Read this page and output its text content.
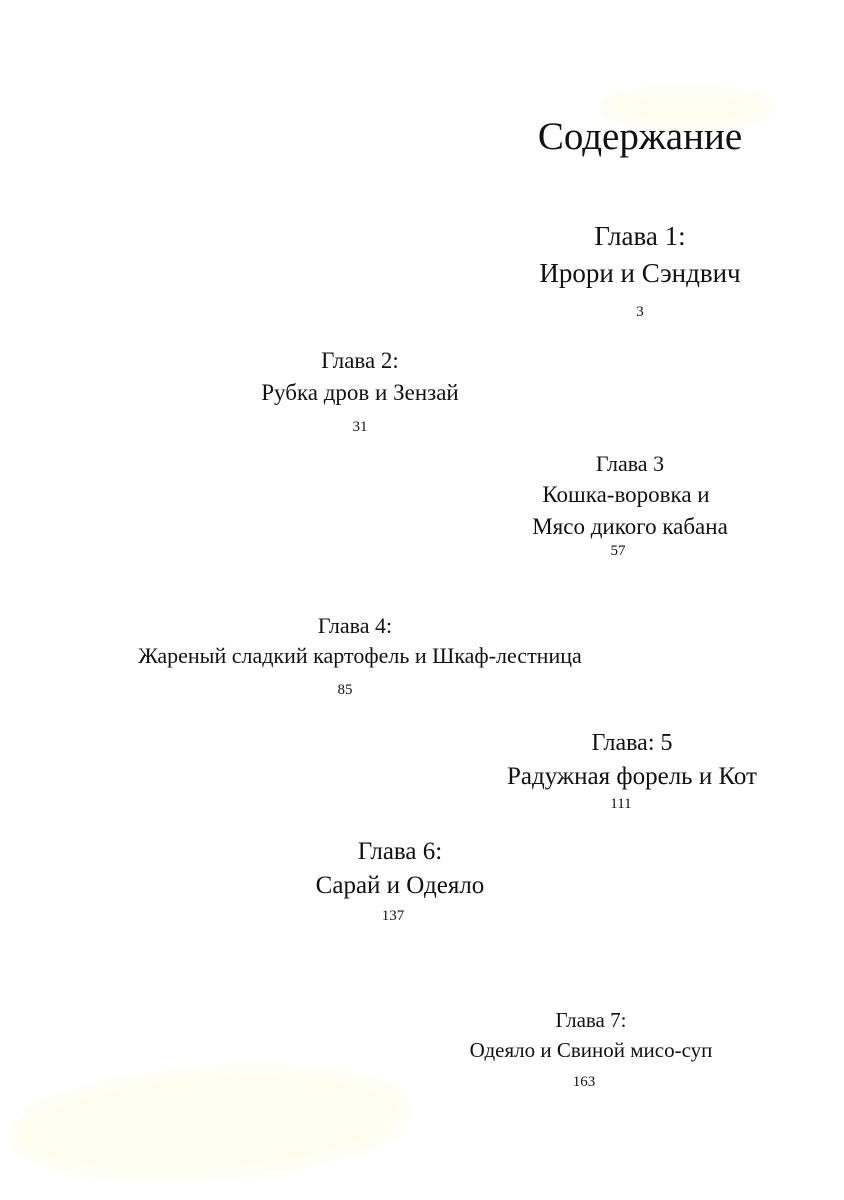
Содержание
Глава 1:
Ирори и Сэндвич
3
Глава 2:
Рубка дров и Зензай
31
Глава 3
Кошка-воровка и
Мясо дикого кабана
57
Глава 4:
Жареный сладкий картофель и Шкаф-лестница
85
Глава: 5
Радужная форель и Кот
111
Глава 6:
Сарай и Одеяло
137
Глава 7:
Одеяло и Свиной мисо-суп
163
